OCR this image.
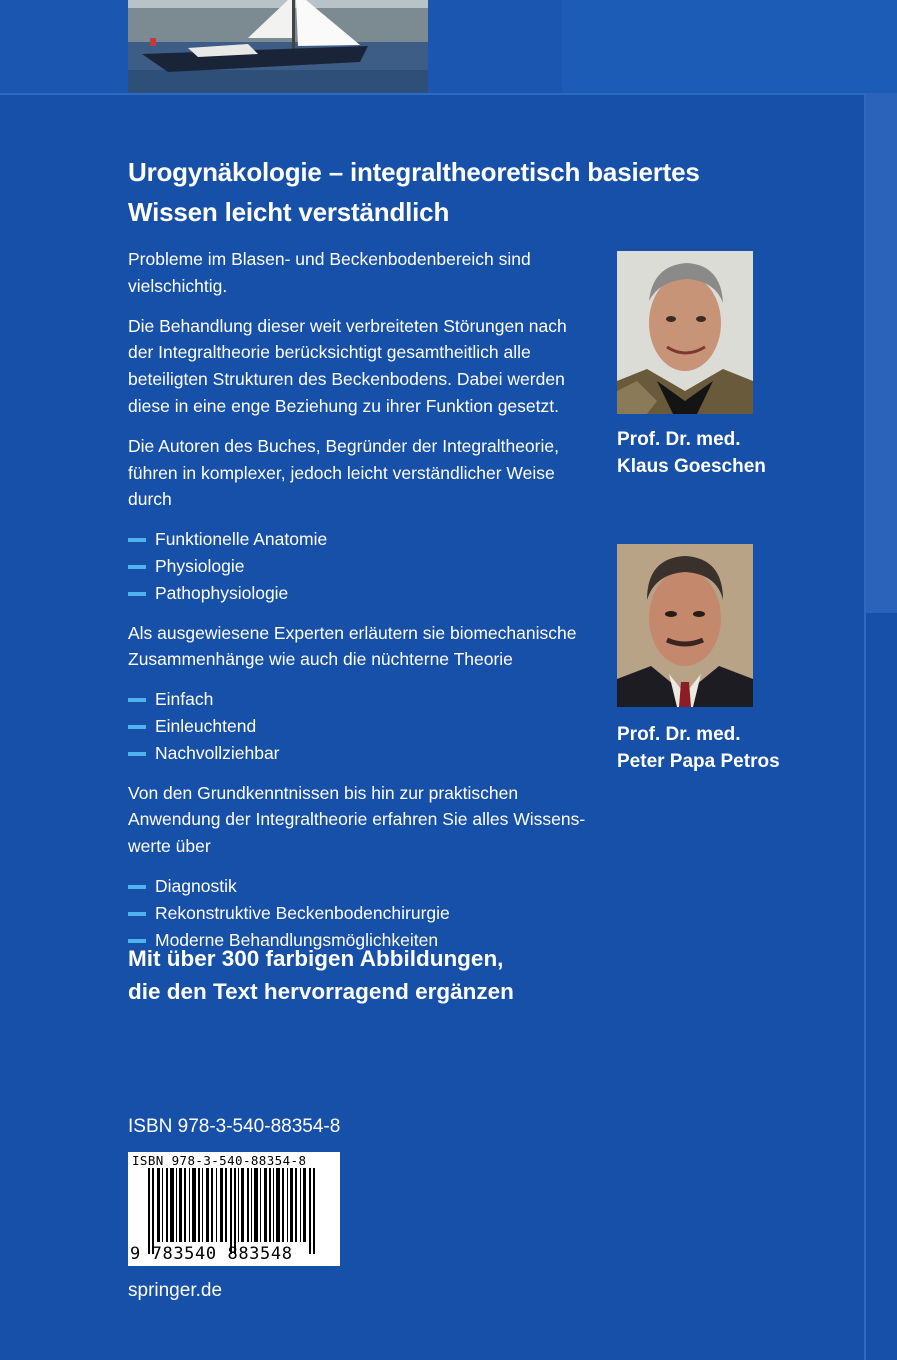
Urogynäkologie – integraltheoretisch basiertes
Wissen leicht verständlich

Probleme im Blasen- und Beckenbodenbereich sind vielschichtig.

Die Behandlung dieser weit verbreiteten Störungen nach der Integraltheorie berücksichtigt gesamtheitlich alle beteiligten Strukturen des Beckenbodens. Dabei werden diese in eine enge Beziehung zu ihrer Funktion gesetzt.

Die Autoren des Buches, Begründer der Integraltheorie, führen in komplexer, jedoch leicht verständlicher Weise durch

Funktionelle Anatomie
Physiologie
Pathophysiologie

Als ausgewiesene Experten erläutern sie biomechanische Zusammenhänge wie auch die nüchterne Theorie

Einfach
Einleuchtend
Nachvollziehbar

Von den Grundkenntnissen bis hin zur praktischen Anwendung der Integraltheorie erfahren Sie alles Wissens-werte über

Diagnostik
Rekonstruktive Beckenbodenchirurgie
Moderne Behandlungsmöglichkeiten
Mit über 300 farbigen Abbildungen,
die den Text hervorragend ergänzen
Prof. Dr. med.
Klaus Goeschen
Prof. Dr. med.
Peter Papa Petros
ISBN 978-3-540-88354-8
ISBN 978-3-540-88354-8
9 783540 883548
springer.de
